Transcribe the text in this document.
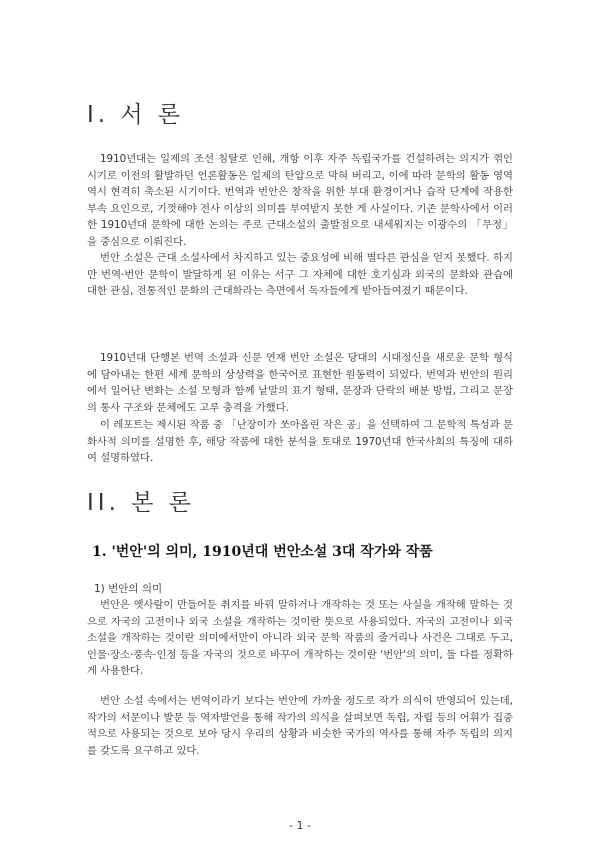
I. 서 론

1910년대는 일제의 조선 침탈로 인해, 개항 이후 자주 독립국가를 건설하려는 의지가 꺾인 시기로 이전의 활발하던 언론활동은 일제의 탄압으로 막혀 버리고, 이에 따라 문학의 활동 영역 역시 현격히 축소된 시기이다. 번역과 번안은 창작을 위한 부대 환경이거나 습작 단계에 작용한 부속 요인으로, 기껏해야 전사 이상의 의미를 부여받지 못한 게 사실이다. 기존 문학사에서 이러한 1910년대 문학에 대한 논의는 주로 근대소설의 출발점으로 내세워지는 이광수의 「무정」을 중심으로 이뤄진다.

번안 소설은 근대 소설사에서 차지하고 있는 중요성에 비해 별다른 관심을 얻지 못했다. 하지만 번역·번안 문학이 발달하게 된 이유는 서구 그 자체에 대한 호기심과 외국의 문화와 관습에 대한 관심, 전통적인 문화의 근대화라는 측면에서 독자들에게 받아들여졌기 때문이다.

1910년대 단행본 번역 소설과 신문 연재 번안 소설은 당대의 시대정신을 새로운 문학 형식에 담아내는 한편 세계 문학의 상상력을 한국어로 표현한 원동력이 되었다. 번역과 번안의 원리에서 일어난 변화는 소설 모형과 함께 낱말의 표기 형태, 문장과 단락의 배분 방법, 그리고 문장의 통사 구조와 문체에도 고루 충격을 가했다.

이 레포트는 제시된 작품 중 「난장이가 쏘아올린 작은 공」을 선택하여 그 문학적 특성과 문화사적 의미를 설명한 후, 해당 작품에 대한 분석을 토대로 1970년대 한국사회의 특징에 대하여 설명하였다.

II. 본 론
1. '번안'의 의미, 1910년대 번안소설 3대 작가와 작품
1) 번안의 의미

번안은 옛사람이 만들어둔 취지를 바꿔 말하거나 개작하는 것 또는 사실을 개작해 말하는 것으로 자국의 고전이나 외국 소설을 개작하는 것이란 뜻으로 사용되었다. 자국의 고전이나 외국 소설을 개작하는 것이란 의미에서만이 아니라 외국 문학 작품의 줄거리나 사건은 그대로 두고, 인물·장소·풍속·인정 등을 자국의 것으로 바꾸어 개작하는 것이란 '번안'의 의미, 둘 다를 정확하게 사용한다.

번안 소설 속에서는 번역이라기 보다는 번안에 가까울 정도로 작가 의식이 반영되어 있는데, 작가의 서문이나 발문 등 역자발언을 통해 작가의 의식을 살펴보면 독립, 자립 등의 어휘가 집중적으로 사용되는 것으로 보아 당시 우리의 상황과 비슷한 국가의 역사를 통해 자주 독립의 의지를 갖도록 요구하고 있다.

- 1 -
